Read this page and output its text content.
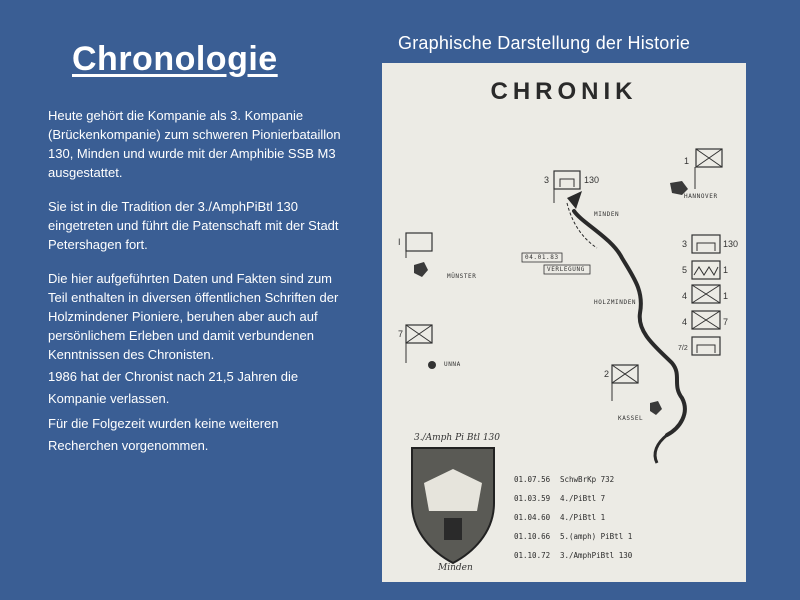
Chronologie	Graphische Darstellung der Historie

Heute gehört die Kompanie als 3. Kompanie (Brückenkompanie) zum schweren Pionierbataillon 130, Minden und wurde mit der Amphibie SSB M3 ausgestattet.

Sie ist in die Tradition der 3./AmphPiBtl 130 eingetreten und führt die Patenschaft mit der Stadt Petershagen fort.

Die hier aufgeführten Daten und Fakten sind zum Teil enthalten in diversen öffentlichen Schriften der Holzmindener Pioniere, beruhen aber auch auf persönlichem Erleben und damit verbundenen Kenntnissen des Chronisten.

1986 hat der Chronist nach 21,5 Jahren die Kompanie verlassen.

Für die Folgezeit wurden keine weiteren Recherchen vorgenommen.

CHRONIK
HANNOVER
MINDEN
MÜNSTER
HOLZMINDEN
UNNA
KASSEL
04.01.83
VERLEGUNG
1
3	130
I
7
2
3	130
5	1
4	1
4	7
7/2
01.07.56 SchwBrKp 732
01.03.59 4./PiBtl 7
01.04.60 4./PiBtl 1
01.10.66 5.(amph) PiBtl 1
01.10.72 3./AmphPiBtl 130
3./Amph Pi Btl 130
Minden
